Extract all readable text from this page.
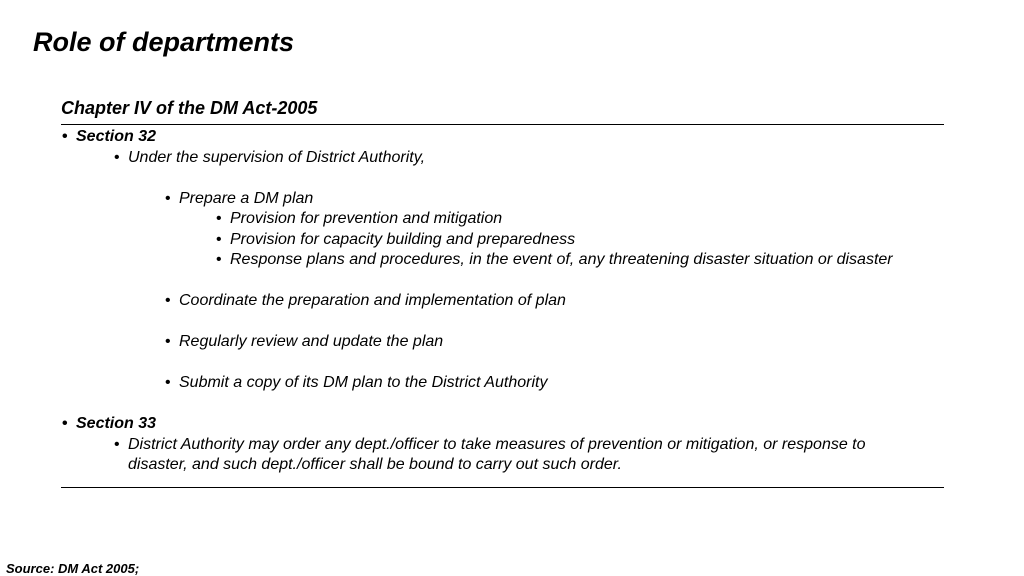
Role of departments
Chapter IV of the DM Act-2005
• Section 32
• Under the supervision of District Authority,
• Prepare a DM plan
• Provision for prevention and mitigation
• Provision for capacity building and preparedness
• Response plans and procedures, in the event of, any threatening disaster situation or disaster
• Coordinate the preparation and implementation of plan
• Regularly review and update the plan
• Submit a copy of its DM plan to the District Authority
• Section 33
• District Authority may order any dept./officer to take measures of prevention or mitigation, or response to
disaster, and such dept./officer shall be bound to carry out such order.
Source: DM Act 2005;
